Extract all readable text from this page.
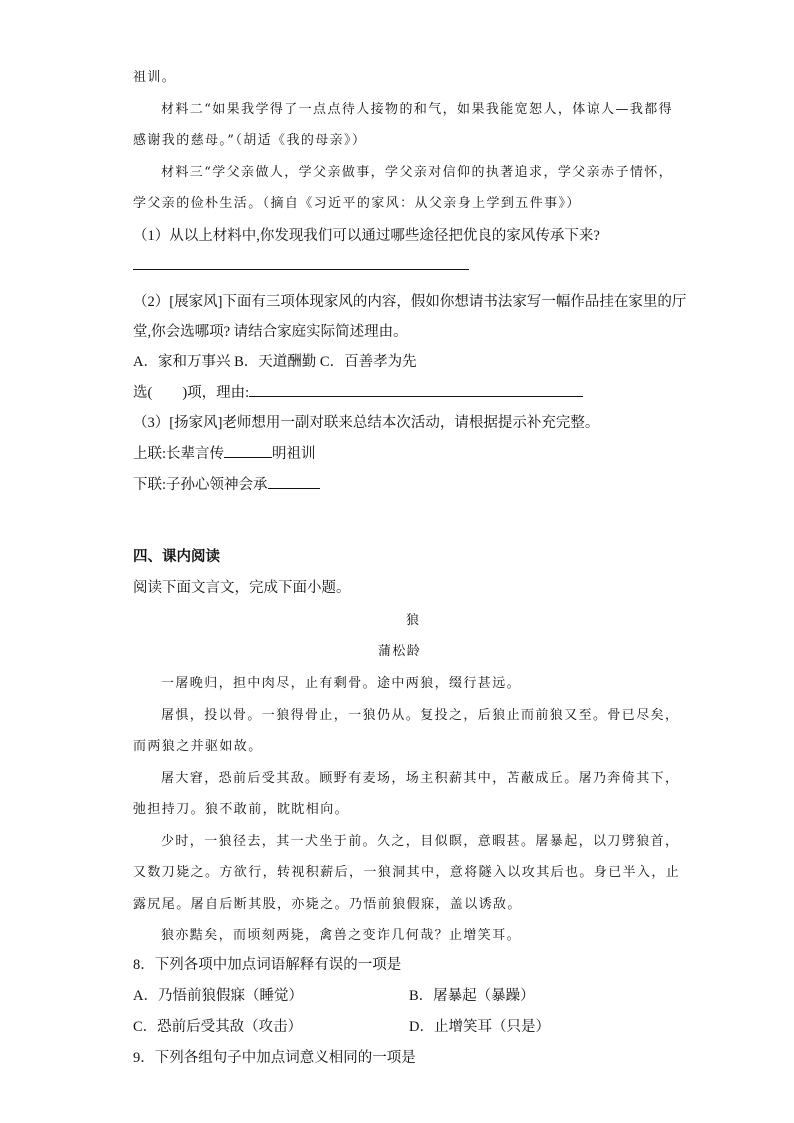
祖训。
材料二“如果我学得了一点点待人接物的和气，如果我能宽恕人，体谅人—我都得
感谢我的慈母。”（胡适《我的母亲》）
材料三“学父亲做人，学父亲做事，学父亲对信仰的执著追求，学父亲赤子情怀，
学父亲的俭朴生活。（摘自《习近平的家风：从父亲身上学到五件事》）
（1）从以上材料中,你发现我们可以通过哪些途径把优良的家风传承下来?
（2）[展家风]下面有三项体现家风的内容，假如你想请书法家写一幅作品挂在家里的厅
堂,你会选哪项? 请结合家庭实际简述理由。
A．家和万事兴 B．天道酬勤 C．百善孝为先
选( )项，理由:
（3）[扬家风]老师想用一副对联来总结本次活动，请根据提示补充完整。
上联:长辈言传	明祖训
下联:子孙心领神会承
四、课内阅读
阅读下面文言文，完成下面小题。
狼
蒲松龄
一屠晚归，担中肉尽，止有剩骨。途中两狼，缀行甚远。
屠惧，投以骨。一狼得骨止，一狼仍从。复投之，后狼止而前狼又至。骨已尽矣，
而两狼之并驱如故。
屠大窘，恐前后受其敌。顾野有麦场，场主积薪其中，苫蔽成丘。屠乃奔倚其下，
弛担持刀。狼不敢前，眈眈相向。
少时，一狼径去，其一犬坐于前。久之，目似瞑，意暇甚。屠暴起，以刀劈狼首，
又数刀毙之。方欲行，转视积薪后，一狼洞其中，意将隧入以攻其后也。身已半入，止
露尻尾。屠自后断其股，亦毙之。乃悟前狼假寐，盖以诱敌。
狼亦黠矣，而顷刻两毙，禽兽之变诈几何哉？止增笑耳。
8．下列各项中加点词语解释有误的一项是
A．乃悟前狼假寐（睡觉）	B．屠暴起（暴躁）
C．恐前后受其敌（攻击）	D．止增笑耳（只是）
9．下列各组句子中加点词意义相同的一项是
